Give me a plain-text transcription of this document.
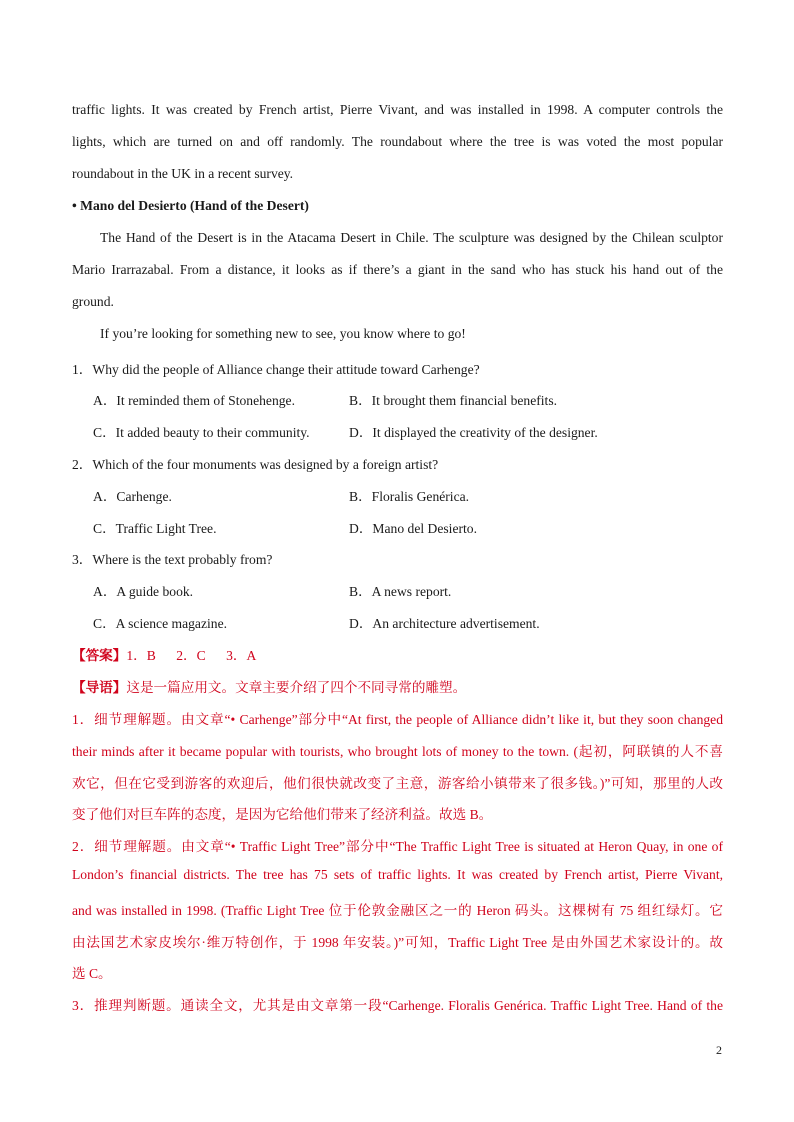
traffic lights. It was created by French artist, Pierre Vivant, and was installed in 1998. A computer controls the
lights, which are turned on and off randomly. The roundabout where the tree is was voted the most popular
roundabout in the UK in a recent survey.
• Mano del Desierto (Hand of the Desert)
The Hand of the Desert is in the Atacama Desert in Chile. The sculpture was designed by the Chilean sculptor
Mario Irarrazabal. From a distance, it looks as if there’s a giant in the sand who has stuck his hand out of the
ground.
If you’re looking for something new to see, you know where to go!
1．Why did the people of Alliance change their attitude toward Carhenge?
A．It reminded them of Stonehenge.	B．It brought them financial benefits.
C．It added beauty to their community.	D．It displayed the creativity of the designer.
2．Which of the four monuments was designed by a foreign artist?
A．Carhenge.	B．Floralis Genérica.
C．Traffic Light Tree.	D．Mano del Desierto.
3．Where is the text probably from?
A．A guide book.	B．A news report.
C．A science magazine.	D．An architecture advertisement.
【答案】1．B      2．C      3．A
【导语】这是一篇应用文。文章主要介绍了四个不同寻常的雕塑。
1．细节理解题。由文章“• Carhenge”部分中“At first, the people of Alliance didn’t like it, but they soon changed
their minds after it became popular with tourists, who brought lots of money to the town. (起初，阿联镇的人不喜
欢它，但在它受到游客的欢迎后，他们很快就改变了主意，游客给小镇带来了很多钱。)”可知，那里的人改
变了他们对巨车阵的态度，是因为它给他们带来了经济利益。故选 B。
2．细节理解题。由文章“• Traffic Light Tree”部分中“The Traffic Light Tree is situated at Heron Quay, in one of
London’s financial districts. The tree has 75 sets of traffic lights. It was created by French artist, Pierre Vivant,
and was installed in 1998. (Traffic Light Tree 位于伦敦金融区之一的 Heron 码头。这棵树有 75 组红绿灯。它
由法国艺术家皮埃尔·维万特创作，于 1998 年安装。)”可知，Traffic Light Tree 是由外国艺术家设计的。故
选 C。
3．推理判断题。通读全文，尤其是由文章第一段“Carhenge. Floralis Genérica. Traffic Light Tree. Hand of the
2
